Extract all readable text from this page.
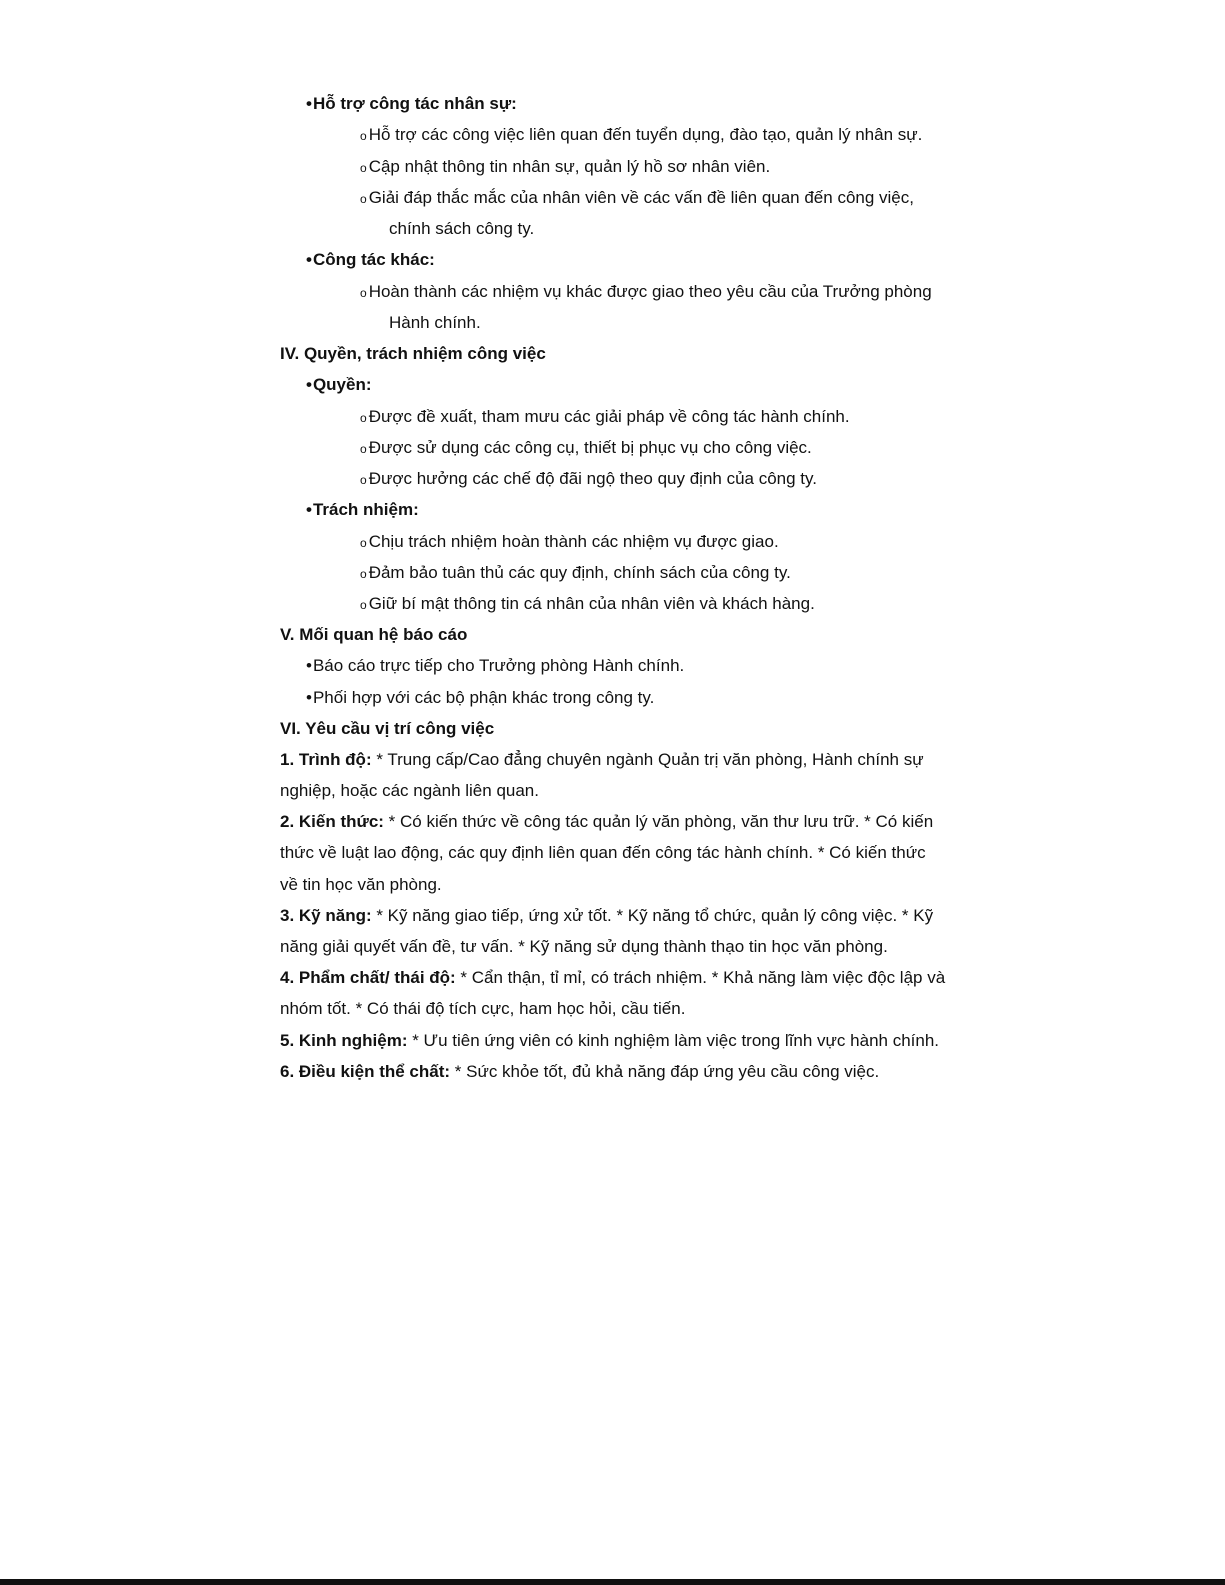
•Hỗ trợ công tác nhân sự:
o Hỗ trợ các công việc liên quan đến tuyển dụng, đào tạo, quản lý nhân sự.
o Cập nhật thông tin nhân sự, quản lý hồ sơ nhân viên.
o Giải đáp thắc mắc của nhân viên về các vấn đề liên quan đến công việc,
chính sách công ty.
•Công tác khác:
o Hoàn thành các nhiệm vụ khác được giao theo yêu cầu của Trưởng phòng
Hành chính.
IV. Quyền, trách nhiệm công việc
•Quyền:
o Được đề xuất, tham mưu các giải pháp về công tác hành chính.
o Được sử dụng các công cụ, thiết bị phục vụ cho công việc.
o Được hưởng các chế độ đãi ngộ theo quy định của công ty.
•Trách nhiệm:
o Chịu trách nhiệm hoàn thành các nhiệm vụ được giao.
o Đảm bảo tuân thủ các quy định, chính sách của công ty.
o Giữ bí mật thông tin cá nhân của nhân viên và khách hàng.
V. Mối quan hệ báo cáo
•Báo cáo trực tiếp cho Trưởng phòng Hành chính.
•Phối hợp với các bộ phận khác trong công ty.
VI. Yêu cầu vị trí công việc
1. Trình độ: * Trung cấp/Cao đẳng chuyên ngành Quản trị văn phòng, Hành chính sự
nghiệp, hoặc các ngành liên quan.
2. Kiến thức: * Có kiến thức về công tác quản lý văn phòng, văn thư lưu trữ. * Có kiến
thức về luật lao động, các quy định liên quan đến công tác hành chính. * Có kiến thức
về tin học văn phòng.
3. Kỹ năng: * Kỹ năng giao tiếp, ứng xử tốt. * Kỹ năng tổ chức, quản lý công việc. * Kỹ
năng giải quyết vấn đề, tư vấn. * Kỹ năng sử dụng thành thạo tin học văn phòng.
4. Phẩm chất/ thái độ: * Cẩn thận, tỉ mỉ, có trách nhiệm. * Khả năng làm việc độc lập và
nhóm tốt. * Có thái độ tích cực, ham học hỏi, cầu tiến.
5. Kinh nghiệm: * Ưu tiên ứng viên có kinh nghiệm làm việc trong lĩnh vực hành chính.
6. Điều kiện thể chất: * Sức khỏe tốt, đủ khả năng đáp ứng yêu cầu công việc.
